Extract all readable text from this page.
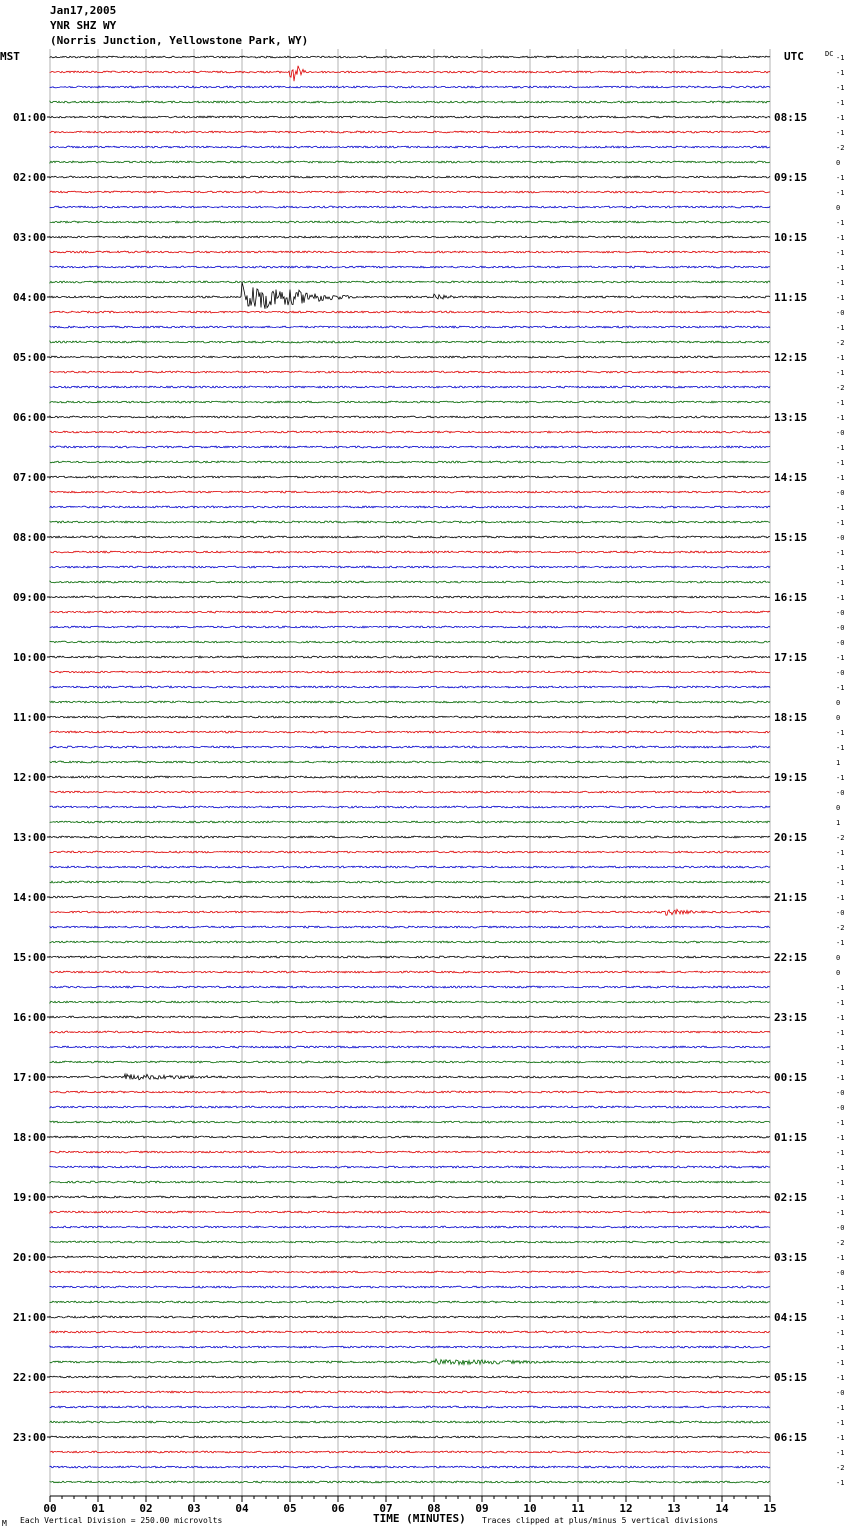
Jan17,2005
YNR SHZ WY
(Norris Junction, Yellowstone Park, WY)
01:00
02:00
03:00
04:00
05:00
06:00
07:00
08:00
09:00
10:00
11:00
12:00
13:00
14:00
15:00
16:00
17:00
18:00
19:00
20:00
21:00
22:00
23:00
08:15
09:15
10:15
11:15
12:15
13:15
14:15
15:15
16:15
17:15
18:15
19:15
20:15
21:15
22:15
23:15
00:15
01:15
02:15
03:15
04:15
05:15
06:15
-1
-1
-1
-1
-1
-1
-2
0
-1
-1
0
-1
-1
-1
-1
-1
-1
-0
-1
-2
-1
-1
-2
-1
-1
-0
-1
-1
-1
-0
-1
-1
-0
-1
-1
-1
-1
-0
-0
-0
-1
-0
-1
0
0
-1
-1
1
-1
-0
0
1
-2
-1
-1
-1
-1
-0
-2
-1
0
0
-1
-1
-1
-1
-1
-1
-1
-0
-0
-1
-1
-1
-1
-1
-1
-1
-0
-2
-1
-0
-1
-1
-1
-1
-1
-1
-1
-0
-1
-1
-1
-1
-2
-1
00	01	02	03	04	05	06	07	08	09	10	11	12	13	14	15
MST	UTC	DC
TIME (MINUTES)
M Each Vertical Division = 250.00 microvolts	Traces clipped at plus/minus 5 vertical divisions
